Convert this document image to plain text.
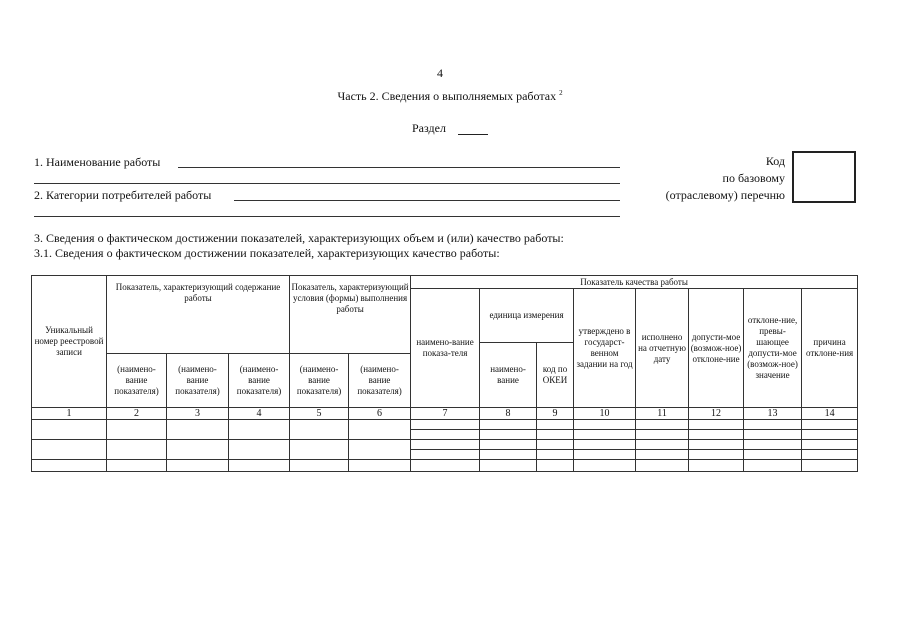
4
Часть 2. Сведения о выполняемых работах $^2$
Раздел
1. Наименование работы
2. Категории потребителей работы
Код
по базовому
(отраслевому) перечню
3. Сведения о фактическом достижении показателей, характеризующих объем и (или) качество работы:
3.1. Сведения о фактическом достижении показателей, характеризующих качество работы:
Уникальный номер реестровой записи	Показатель, характеризующий содержание работы			Показатель, характеризующий условия (формы) выполнения работы		Показатель качества работы							
						наимено-вание показа-теля	единица измерения		утверждено в государст-венном задании на год	исполнено на отчетную дату	допусти-мое (возмож-ное) отклоне-ние	отклоне-ние, превы-шающее допусти-мое (возмож-ное) значение	причина отклоне-ния
							наимено-вание	код по ОКЕИ					
	(наимено-вание показателя)	(наимено-вание показателя)	(наимено-вание показателя)	(наимено-вание показателя)	(наимено-вание показателя)								
1	2	3	4	5	6	7	8	9	10	11	12	13	14
